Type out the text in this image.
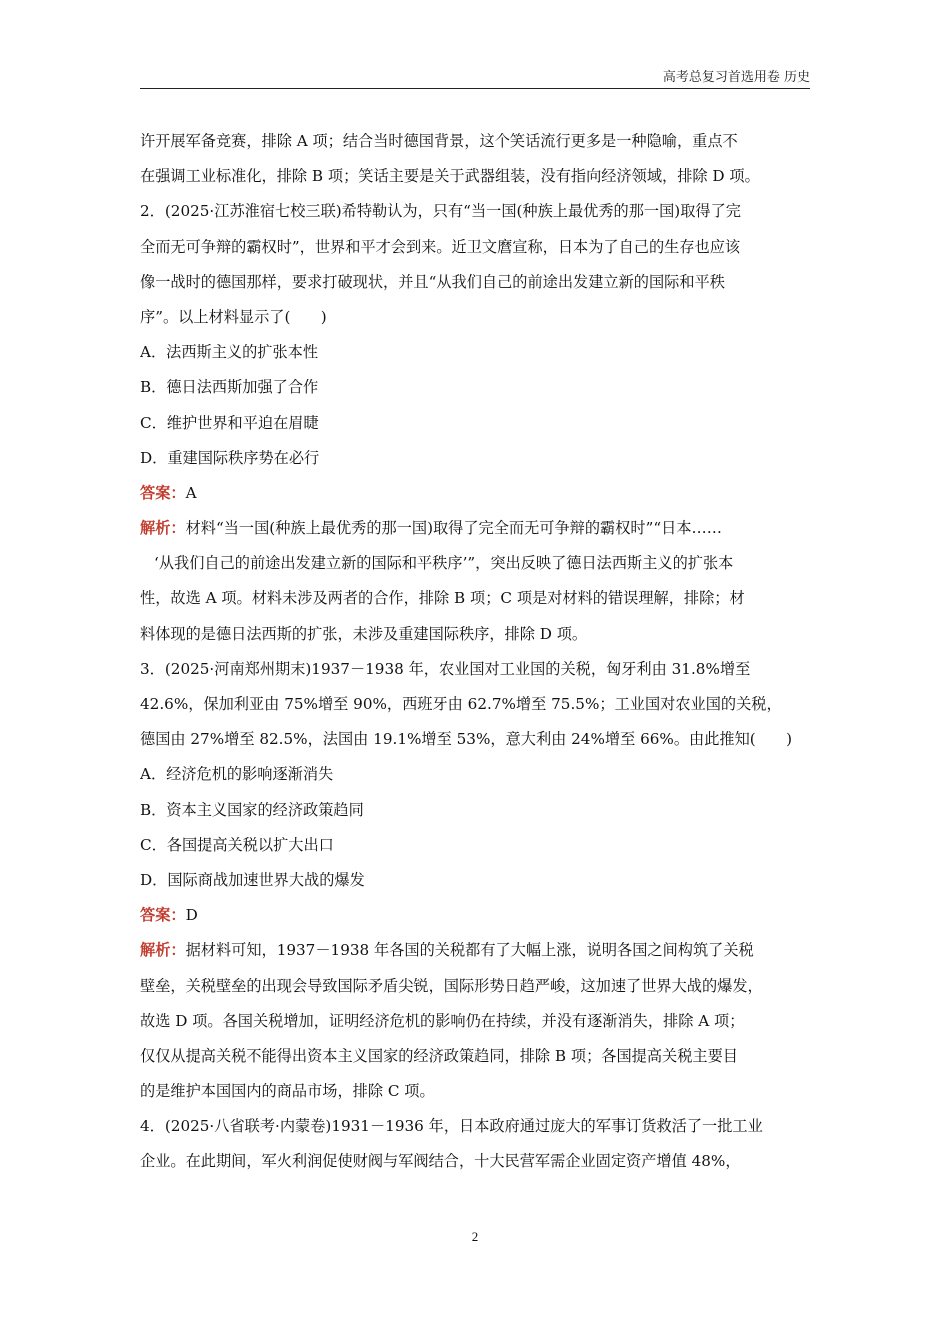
高考总复习首选用卷 历史
许开展军备竞赛，排除 A 项；结合当时德国背景，这个笑话流行更多是一种隐喻，重点不
在强调工业标准化，排除 B 项；笑话主要是关于武器组装，没有指向经济领域，排除 D 项。
2．(2025·江苏淮宿七校三联)希特勒认为，只有“当一国(种族上最优秀的那一国)取得了完
全而无可争辩的霸权时”，世界和平才会到来。近卫文麿宣称，日本为了自己的生存也应该
像一战时的德国那样，要求打破现状，并且“从我们自己的前途出发建立新的国际和平秩
序”。以上材料显示了(　　)
A．法西斯主义的扩张本性
B．德日法西斯加强了合作
C．维护世界和平迫在眉睫
D．重建国际秩序势在必行
答案：A
解析：材料“当一国(种族上最优秀的那一国)取得了完全而无可争辩的霸权时”“日本……
‘从我们自己的前途出发建立新的国际和平秩序’”，突出反映了德日法西斯主义的扩张本
性，故选 A 项。材料未涉及两者的合作，排除 B 项；C 项是对材料的错误理解，排除；材
料体现的是德日法西斯的扩张，未涉及重建国际秩序，排除 D 项。
3．(2025·河南郑州期末)1937－1938 年，农业国对工业国的关税，匈牙利由 31.8%增至
42.6%，保加利亚由 75%增至 90%，西班牙由 62.7%增至 75.5%；工业国对农业国的关税，
德国由 27%增至 82.5%，法国由 19.1%增至 53%，意大利由 24%增至 66%。由此推知(　　)
A．经济危机的影响逐渐消失
B．资本主义国家的经济政策趋同
C．各国提高关税以扩大出口
D．国际商战加速世界大战的爆发
答案：D
解析：据材料可知，1937－1938 年各国的关税都有了大幅上涨，说明各国之间构筑了关税
壁垒，关税壁垒的出现会导致国际矛盾尖锐，国际形势日趋严峻，这加速了世界大战的爆发，
故选 D 项。各国关税增加，证明经济危机的影响仍在持续，并没有逐渐消失，排除 A 项；
仅仅从提高关税不能得出资本主义国家的经济政策趋同，排除 B 项；各国提高关税主要目
的是维护本国国内的商品市场，排除 C 项。
4．(2025·八省联考·内蒙卷)1931－1936 年，日本政府通过庞大的军事订货救活了一批工业
企业。在此期间，军火利润促使财阀与军阀结合，十大民营军需企业固定资产增值 48%，
2
